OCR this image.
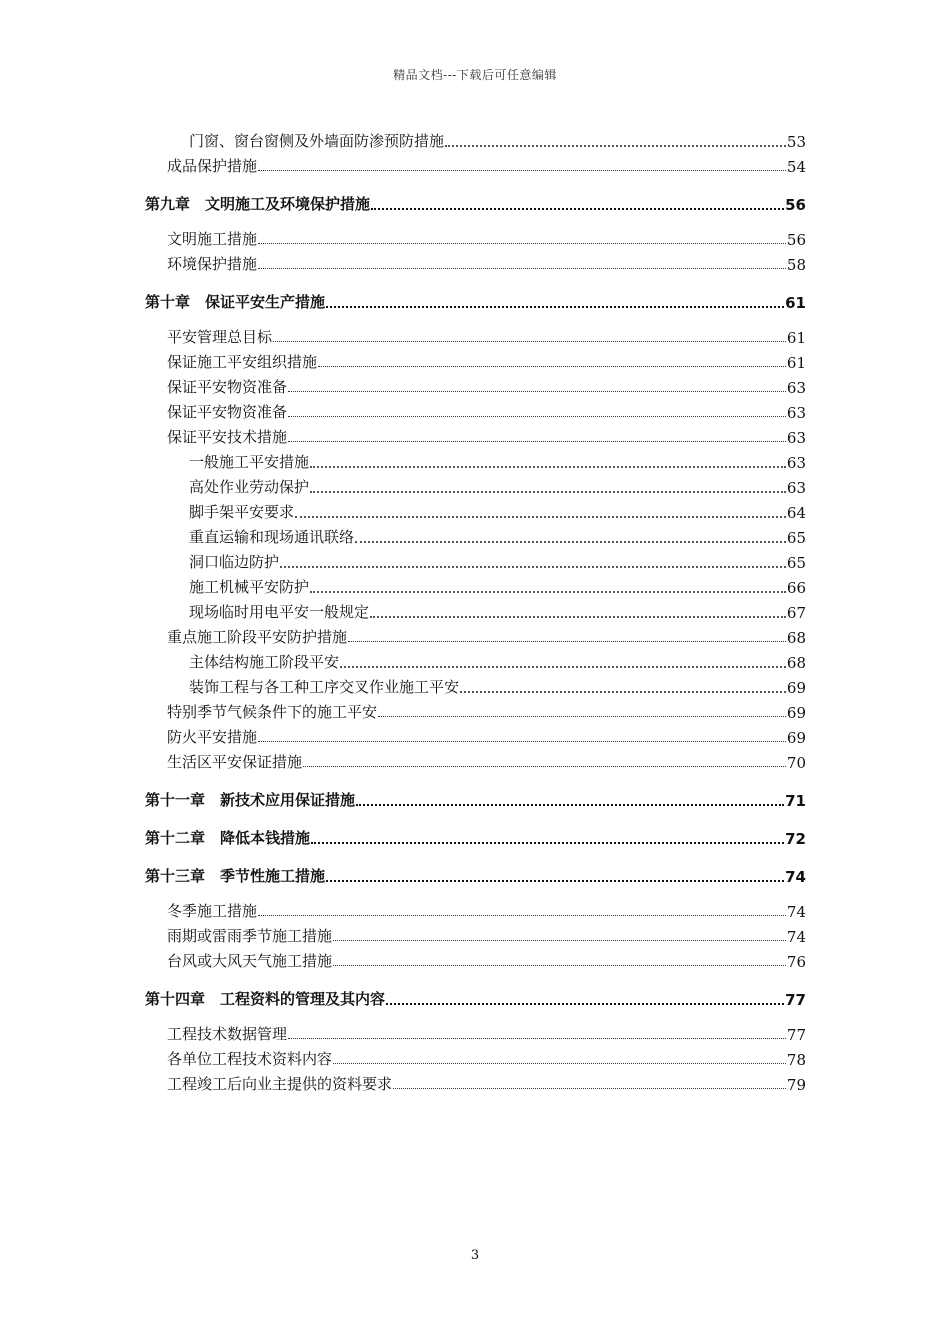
精品文档---下载后可任意编辑
门窗、窗台窗侧及外墙面防渗预防措施	53
成品保护措施	54
第九章　文明施工及环境保护措施	56
文明施工措施	56
环境保护措施	58
第十章　保证平安生产措施	61
平安管理总目标	61
保证施工平安组织措施	61
保证平安物资准备	63
保证平安物资准备	63
保证平安技术措施	63
一般施工平安措施	63
高处作业劳动保护	63
脚手架平安要求	64
重直运输和现场通讯联络	65
洞口临边防护	65
施工机械平安防护	66
现场临时用电平安一般规定	67
重点施工阶段平安防护措施	68
主体结构施工阶段平安	68
装饰工程与各工种工序交叉作业施工平安	69
特别季节气候条件下的施工平安	69
防火平安措施	69
生活区平安保证措施	70
第十一章　新技术应用保证措施	71
第十二章　降低本钱措施	72
第十三章　季节性施工措施	74
冬季施工措施	74
雨期或雷雨季节施工措施	74
台风或大风天气施工措施	76
第十四章　工程资料的管理及其内容	77
工程技术数据管理	77
各单位工程技术资料内容	78
工程竣工后向业主提供的资料要求	79
3
